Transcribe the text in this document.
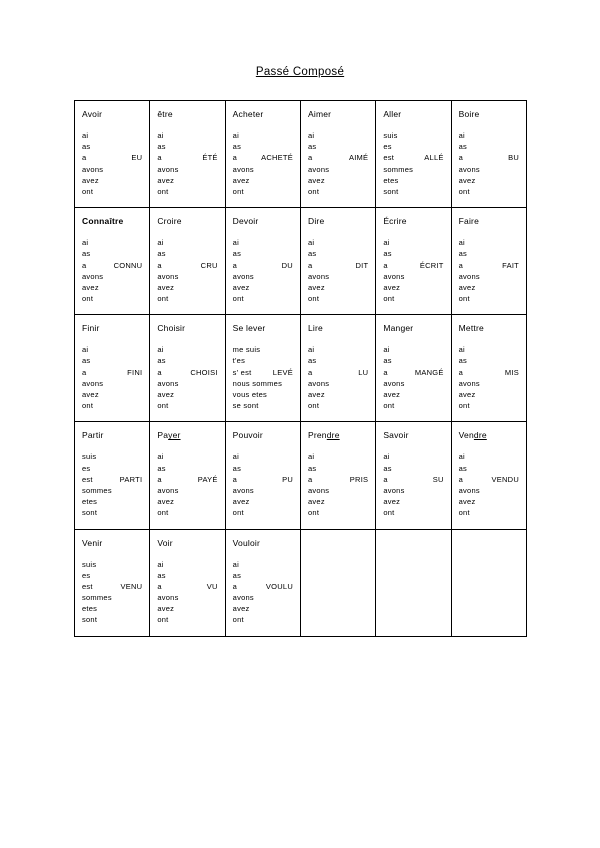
Passé Composé
Avoir
ai
as
a	EU
avons
avez
ont

être
ai
as
a	ÉTÉ
avons
avez
ont

Acheter
ai
as
a	ACHETÉ
avons
avez
ont

Aimer
ai
as
a	AIMÉ
avons
avez
ont

Aller
suis
es
est	ALLÉ
sommes
etes
sont

Boire
ai
as
a	BU
avons
avez
ont

Connaître
ai
as
a	CONNU
avons
avez
ont

Croire
ai
as
a	CRU
avons
avez
ont

Devoir
ai
as
a	DU
avons
avez
ont

Dire
ai
as
a	DIT
avons
avez
ont

Écrire
ai
as
a	ÉCRIT
avons
avez
ont

Faire
ai
as
a	FAIT
avons
avez
ont

Finir
ai
as
a	FINI
avons
avez
ont

Choisir
ai
as
a	CHOISI
avons
avez
ont

Se lever
me suis
t'es
s' est	LEVÉ
nous sommes
vous etes
se sont

Lire
ai
as
a	LU
avons
avez
ont

Manger
ai
as
a	MANGÉ
avons
avez
ont

Mettre
ai
as
a	MIS
avons
avez
ont

Partir
suis
es
est	PARTI
sommes
etes
sont

Payer
ai
as
a	PAYÉ
avons
avez
ont

Pouvoir
ai
as
a	PU
avons
avez
ont

Prendre
ai
as
a	PRIS
avons
avez
ont

Savoir
ai
as
a	SU
avons
avez
ont

Vendre
ai
as
a	VENDU
avons
avez
ont

Venir
suis
es
est	VENU
sommes
etes
sont

Voir
ai
as
a	VU
avons
avez
ont

Vouloir
ai
as
a	VOULU
avons
avez
ont
